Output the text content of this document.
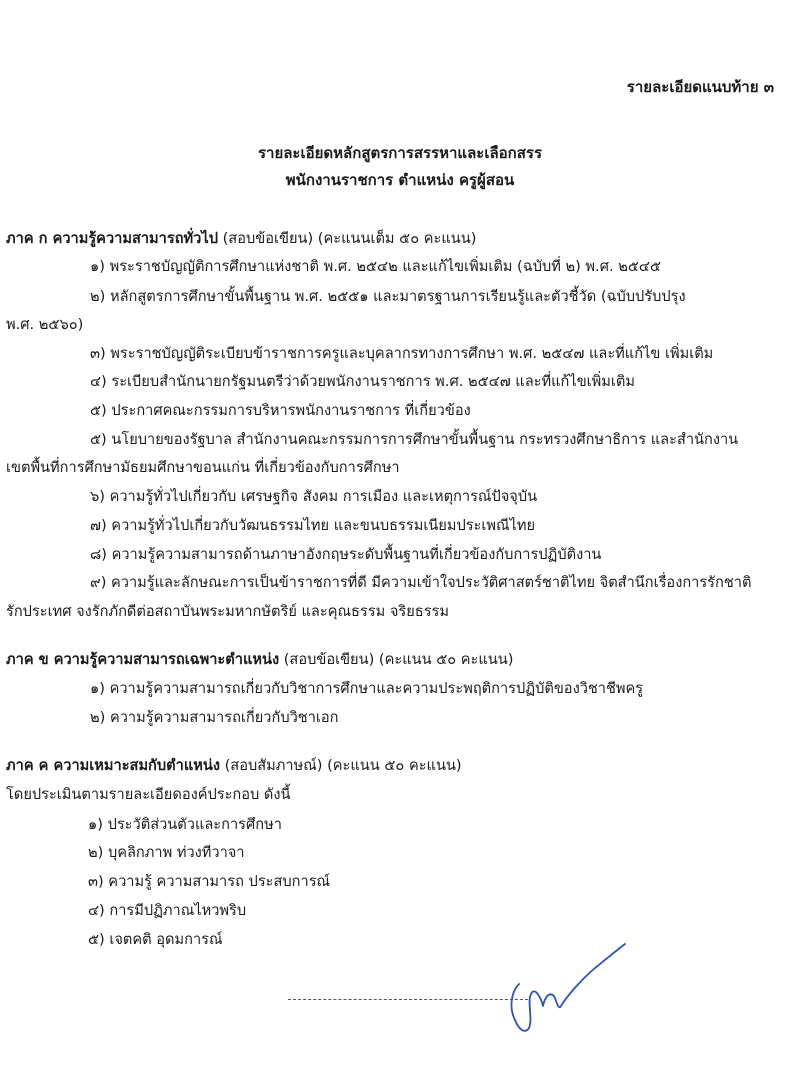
รายละเอียดแนบท้าย ๓
รายละเอียดหลักสูตรการสรรหาและเลือกสรร
พนักงานราชการ ตำแหน่ง ครูผู้สอน
ภาค ก ความรู้ความสามารถทั่วไป (สอบข้อเขียน) (คะแนนเต็ม ๕๐ คะแนน)
๑) พระราชบัญญัติการศึกษาแห่งชาติ พ.ศ. ๒๕๔๒ และแก้ไขเพิ่มเติม (ฉบับที่ ๒) พ.ศ. ๒๕๔๕
๒) หลักสูตรการศึกษาขั้นพื้นฐาน พ.ศ. ๒๕๕๑ และมาตรฐานการเรียนรู้และตัวชี้วัด (ฉบับปรับปรุง
พ.ศ. ๒๕๖๐)
๓) พระราชบัญญัติระเบียบข้าราชการครูและบุคลากรทางการศึกษา พ.ศ. ๒๕๔๗ และที่แก้ไข เพิ่มเติม
๔) ระเบียบสำนักนายกรัฐมนตรีว่าด้วยพนักงานราชการ พ.ศ. ๒๕๔๗ และที่แก้ไขเพิ่มเติม
๕) ประกาศคณะกรรมการบริหารพนักงานราชการ ที่เกี่ยวข้อง
๕) นโยบายของรัฐบาล สำนักงานคณะกรรมการการศึกษาขั้นพื้นฐาน กระทรวงศึกษาธิการ และสำนักงาน
เขตพื้นที่การศึกษามัธยมศึกษาขอนแก่น ที่เกี่ยวข้องกับการศึกษา
๖) ความรู้ทั่วไปเกี่ยวกับ เศรษฐกิจ สังคม การเมือง และเหตุการณ์ปัจจุบัน
๗) ความรู้ทั่วไปเกี่ยวกับวัฒนธรรมไทย และขนบธรรมเนียมประเพณีไทย
๘) ความรู้ความสามารถด้านภาษาอังกฤษระดับพื้นฐานที่เกี่ยวข้องกับการปฏิบัติงาน
๙) ความรู้และลักษณะการเป็นข้าราชการที่ดี มีความเข้าใจประวัติศาสตร์ชาติไทย จิตสำนึกเรื่องการรักชาติ
รักประเทศ จงรักภักดีต่อสถาบันพระมหากษัตริย์ และคุณธรรม จริยธรรม
ภาค ข ความรู้ความสามารถเฉพาะตำแหน่ง (สอบข้อเขียน) (คะแนน ๕๐ คะแนน)
๑) ความรู้ความสามารถเกี่ยวกับวิชาการศึกษาและความประพฤติการปฏิบัติของวิชาชีพครู
๒) ความรู้ความสามารถเกี่ยวกับวิชาเอก
ภาค ค ความเหมาะสมกับตำแหน่ง (สอบสัมภาษณ์) (คะแนน ๕๐ คะแนน)
โดยประเมินตามรายละเอียดองค์ประกอบ ดังนี้
๑) ประวัติส่วนตัวและการศึกษา
๒) บุคลิกภาพ ท่วงทีวาจา
๓) ความรู้ ความสามารถ ประสบการณ์
๔) การมีปฏิภาณไหวพริบ
๕) เจตคติ อุดมการณ์
